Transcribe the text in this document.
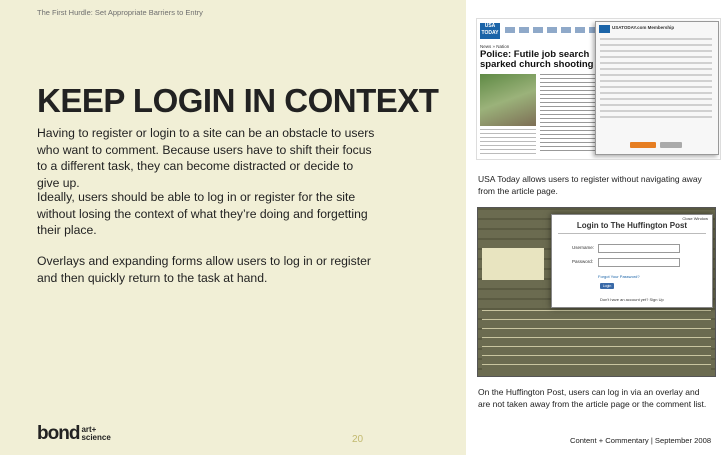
The First Hurdle: Set Appropriate Barriers to Entry
KEEP LOGIN IN CONTEXT
Having to register or login to a site can be an obstacle to users who want to comment. Because users have to shift their focus to a different task, they can become distracted or decide to give up.
Ideally, users should be able to log in or register for the site without losing the context of what they’re doing and forgetting their place.
Overlays and expanding forms allow users to log in or register and then quickly return to the task at hand.
bond art+
science	20
USA TODAY
News » Nation
Police: Futile job search sparked church shooting
USATODAY.com Membership
USA Today allows users to register without navigating away from the article page.
Close Window
Login to The Huffington Post
Username:
Password:
Forgot Your Password?
Login
Don't have an account yet? Sign Up
On the Huffington Post, users can log in via an overlay and are not taken away from the article page or the comment list.
Content + Commentary | September 2008
